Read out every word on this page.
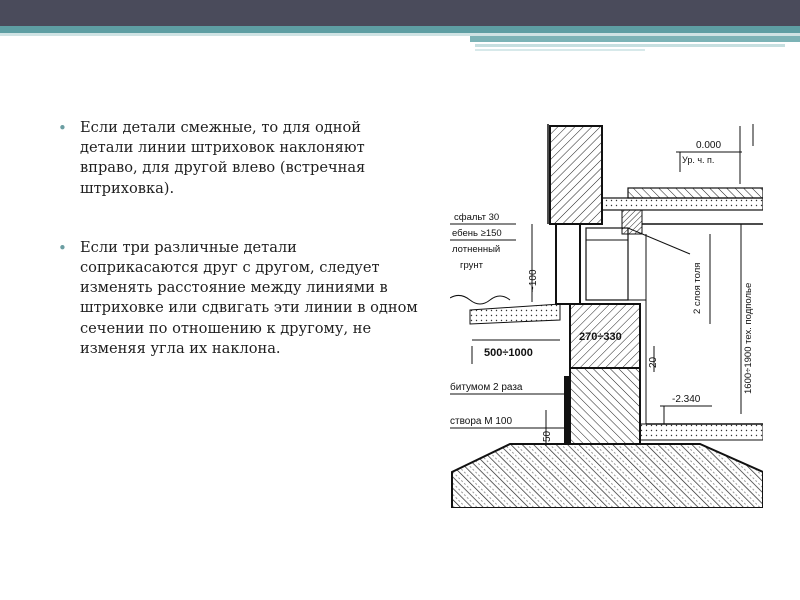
• Если детали смежные, то для одной детали линии штриховок наклоняют вправо, для другой влево (встречная штриховка).
• Если три различные детали соприкасаются друг с другом, следует изменять расстояние между линиями в штриховке или сдвигать эти линии в одном сечении по отношению к другому, не изменяя угла их наклона.
0.000
Ур. ч. п.
сфальт 30
ебень ≥150
лотненный
грунт
~100
500÷1000
20
-2.340
2 слоя толя	1600÷1900 тех. подполье
битумом 2 раза
створа М 100
50
